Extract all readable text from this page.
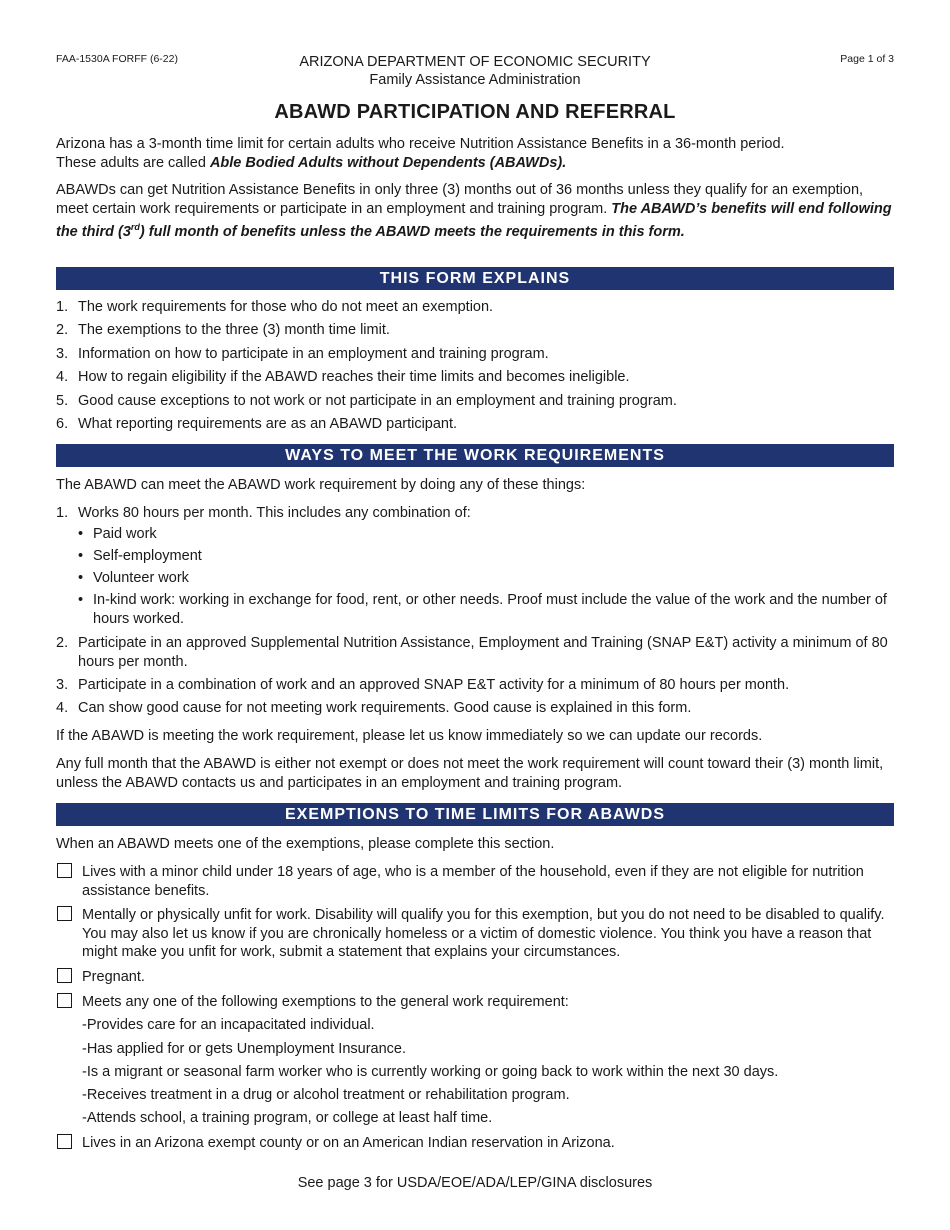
FAA-1530A FORFF (6-22)	ARIZONA DEPARTMENT OF ECONOMIC SECURITY
Family Assistance Administration
Page 1 of 3
ABAWD PARTICIPATION AND REFERRAL

Arizona has a 3-month time limit for certain adults who receive Nutrition Assistance Benefits in a 36-month period.

These adults are called Able Bodied Adults without Dependents (ABAWDs).

ABAWDs can get Nutrition Assistance Benefits in only three (3) months out of 36 months unless they qualify for an exemption, meet certain work requirements or participate in an employment and training program. The ABAWD’s benefits will end following the third (3rd) full month of benefits unless the ABAWD meets the requirements in this form.

THIS FORM EXPLAINS
1. The work requirements for those who do not meet an exemption.
2. The exemptions to the three (3) month time limit.
3. Information on how to participate in an employment and training program.
4. How to regain eligibility if the ABAWD reaches their time limits and becomes ineligible.
5. Good cause exceptions to not work or not participate in an employment and training program.
6. What reporting requirements are as an ABAWD participant.
WAYS TO MEET THE WORK REQUIREMENTS
The ABAWD can meet the ABAWD work requirement by doing any of these things:
1. Works 80 hours per month. This includes any combination of:
• Paid work
• Self-employment
• Volunteer work
• In-kind work: working in exchange for food, rent, or other needs. Proof must include the value of the work and the number of hours worked.
2. Participate in an approved Supplemental Nutrition Assistance, Employment and Training (SNAP E&T) activity a minimum of 80 hours per month.
3. Participate in a combination of work and an approved SNAP E&T activity for a minimum of 80 hours per month.
4. Can show good cause for not meeting work requirements. Good cause is explained in this form.
If the ABAWD is meeting the work requirement, please let us know immediately so we can update our records.
Any full month that the ABAWD is either not exempt or does not meet the work requirement will count toward their (3) month limit, unless the ABAWD contacts us and participates in an employment and training program.
EXEMPTIONS TO TIME LIMITS FOR ABAWDS
When an ABAWD meets one of the exemptions, please complete this section.
Lives with a minor child under 18 years of age, who is a member of the household, even if they are not eligible for nutrition assistance benefits.
Mentally or physically unfit for work. Disability will qualify you for this exemption, but you do not need to be disabled to qualify. You may also let us know if you are chronically homeless or a victim of domestic violence. You think you have a reason that might make you unfit for work, submit a statement that explains your circumstances.
Pregnant.
Meets any one of the following exemptions to the general work requirement:
-Provides care for an incapacitated individual.
-Has applied for or gets Unemployment Insurance.
-Is a migrant or seasonal farm worker who is currently working or going back to work within the next 30 days.
-Receives treatment in a drug or alcohol treatment or rehabilitation program.
-Attends school, a training program, or college at least half time.
Lives in an Arizona exempt county or on an American Indian reservation in Arizona.
See page 3 for USDA/EOE/ADA/LEP/GINA disclosures
